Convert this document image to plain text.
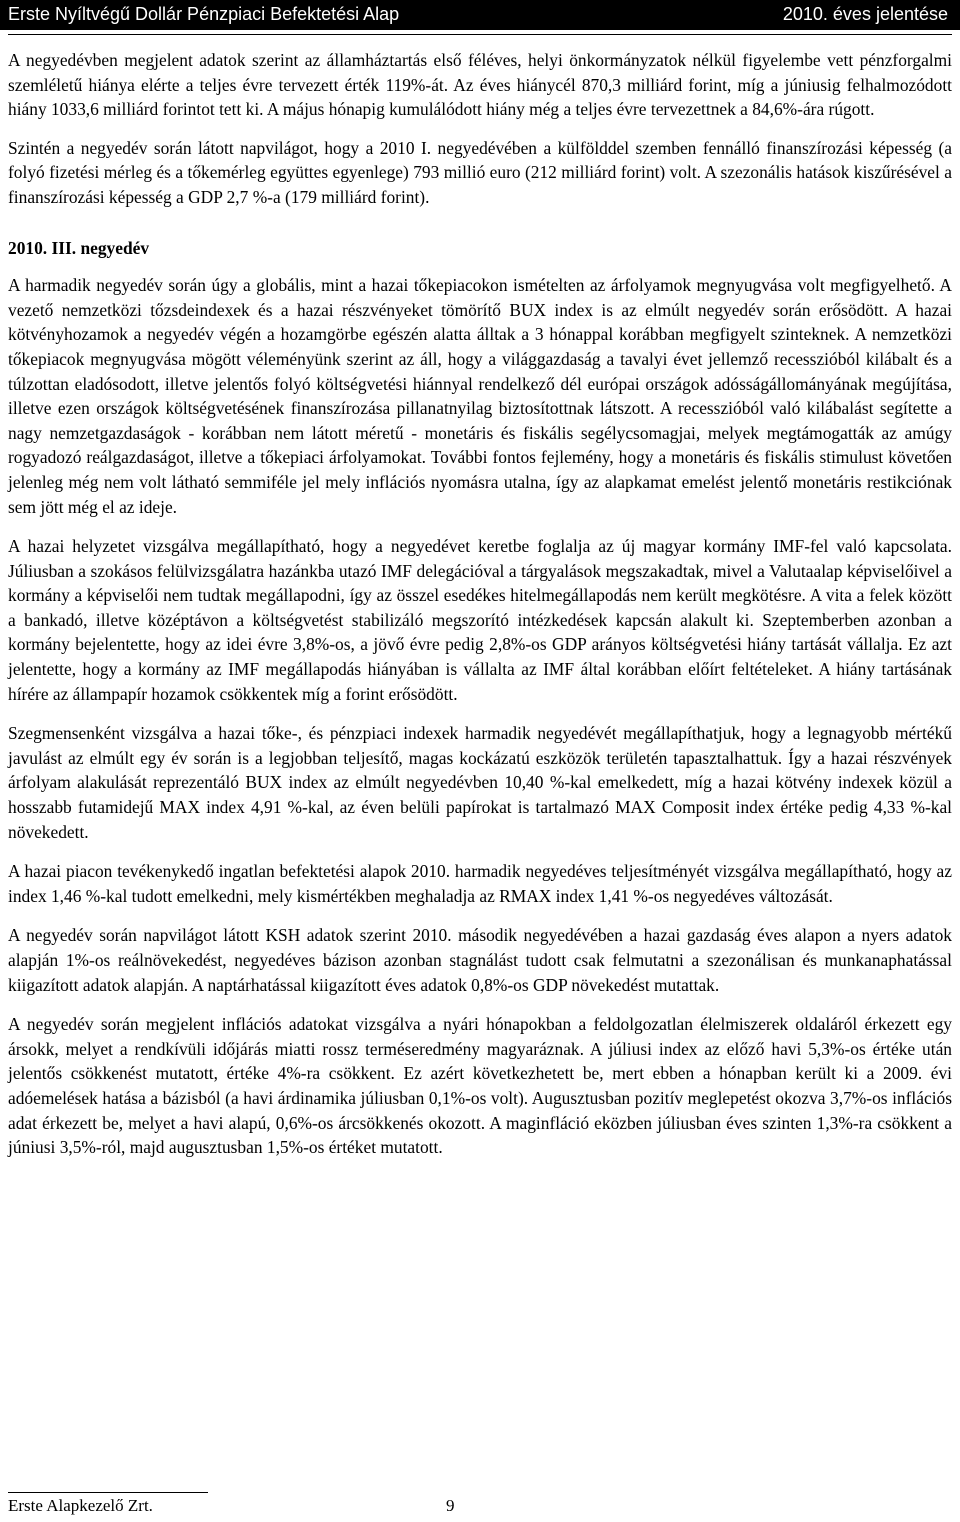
Erste Nyíltvégű Dollár Pénzpiaci Befektetési Alap	2010. éves jelentése

A negyedévben megjelent adatok szerint az államháztartás első féléves, helyi önkormányzatok nélkül figyelembe vett pénzforgalmi szemléletű hiánya elérte a teljes évre tervezett érték 119%-át. Az éves hiánycél 870,3 milliárd forint, míg a júniusig felhalmozódott hiány 1033,6 milliárd forintot tett ki. A május hónapig kumulálódott hiány még a teljes évre tervezettnek a 84,6%-ára rúgott.

Szintén a negyedév során látott napvilágot, hogy a 2010 I. negyedévében a külfölddel szemben fennálló finanszírozási képesség (a folyó fizetési mérleg és a tőkemérleg együttes egyenlege) 793 millió euro (212 milliárd forint) volt. A szezonális hatások kiszűrésével a finanszírozási képesség a GDP 2,7 %-a (179 milliárd forint).

2010. III. negyedév

A harmadik negyedév során úgy a globális, mint a hazai tőkepiacokon ismételten az árfolyamok megnyugvása volt megfigyelhető. A vezető nemzetközi tőzsdeindexek és a hazai részvényeket tömörítő BUX index is az elmúlt negyedév során erősödött. A hazai kötvényhozamok a negyedév végén a hozamgörbe egészén alatta álltak a 3 hónappal korábban megfigyelt szinteknek. A nemzetközi tőkepiacok megnyugvása mögött véleményünk szerint az áll, hogy a világgazdaság a tavalyi évet jellemző recesszióból kilábalt és a túlzottan eladósodott, illetve jelentős folyó költségvetési hiánnyal rendelkező dél európai országok adósságállományának megújítása, illetve ezen országok költségvetésének finanszírozása pillanatnyilag biztosítottnak látszott. A recesszióból való kilábalást segítette a nagy nemzetgazdaságok - korábban nem látott méretű - monetáris és fiskális segélycsomagjai, melyek megtámogatták az amúgy rogyadozó reálgazdaságot, illetve a tőkepiaci árfolyamokat. További fontos fejlemény, hogy a monetáris és fiskális stimulust követően jelenleg még nem volt látható semmiféle jel mely inflációs nyomásra utalna, így az alapkamat emelést jelentő monetáris restikciónak sem jött még el az ideje.

A hazai helyzetet vizsgálva megállapítható, hogy a negyedévet keretbe foglalja az új magyar kormány IMF-fel való kapcsolata. Júliusban a szokásos felülvizsgálatra hazánkba utazó IMF delegációval a tárgyalások megszakadtak, mivel a Valutaalap képviselőivel a kormány a képviselői nem tudtak megállapodni, így az összel esedékes hitelmegállapodás nem került megkötésre. A vita a felek között a bankadó, illetve középtávon a költségvetést stabilizáló megszorító intézkedések kapcsán alakult ki. Szeptemberben azonban a kormány bejelentette, hogy az idei évre 3,8%-os, a jövő évre pedig 2,8%-os GDP arányos költségvetési hiány tartását vállalja. Ez azt jelentette, hogy a kormány az IMF megállapodás hiányában is vállalta az IMF által korábban előírt feltételeket. A hiány tartásának hírére az állampapír hozamok csökkentek míg a forint erősödött.

Szegmensenként vizsgálva a hazai tőke-, és pénzpiaci indexek harmadik negyedévét megállapíthatjuk, hogy a legnagyobb mértékű javulást az elmúlt egy év során is a legjobban teljesítő, magas kockázatú eszközök területén tapasztalhattuk. Így a hazai részvények árfolyam alakulását reprezentáló BUX index az elmúlt negyedévben 10,40 %-kal emelkedett, míg a hazai kötvény indexek közül a hosszabb futamidejű MAX index 4,91 %-kal, az éven belüli papírokat is tartalmazó MAX Composit index értéke pedig 4,33 %-kal növekedett.

A hazai piacon tevékenykedő ingatlan befektetési alapok 2010. harmadik negyedéves teljesítményét vizsgálva megállapítható, hogy az index 1,46 %-kal tudott emelkedni, mely kismértékben meghaladja az RMAX index 1,41 %-os negyedéves változását.

A negyedév során napvilágot látott KSH adatok szerint 2010. második negyedévében a hazai gazdaság éves alapon a nyers adatok alapján 1%-os reálnövekedést, negyedéves bázison azonban stagnálást tudott csak felmutatni a szezonálisan és munkanaphatással kiigazított adatok alapján. A naptárhatással kiigazított éves adatok 0,8%-os GDP növekedést mutattak.

A negyedév során megjelent inflációs adatokat vizsgálva a nyári hónapokban a feldolgozatlan élelmiszerek oldaláról érkezett egy ársokk, melyet a rendkívüli időjárás miatti rossz terméseredmény magyaráznak. A júliusi index az előző havi 5,3%-os értéke után jelentős csökkenést mutatott, értéke 4%-ra csökkent. Ez azért következhetett be, mert ebben a hónapban került ki a 2009. évi adóemelések hatása a bázisból (a havi árdinamika júliusban 0,1%-os volt). Augusztusban pozitív meglepetést okozva 3,7%-os inflációs adat érkezett be, melyet a havi alapú, 0,6%-os árcsökkenés okozott. A maginfláció eközben júliusban éves szinten 1,3%-ra csökkent a júniusi 3,5%-ról, majd augusztusban 1,5%-os értéket mutatott.

Erste Alapkezelő Zrt.	9
